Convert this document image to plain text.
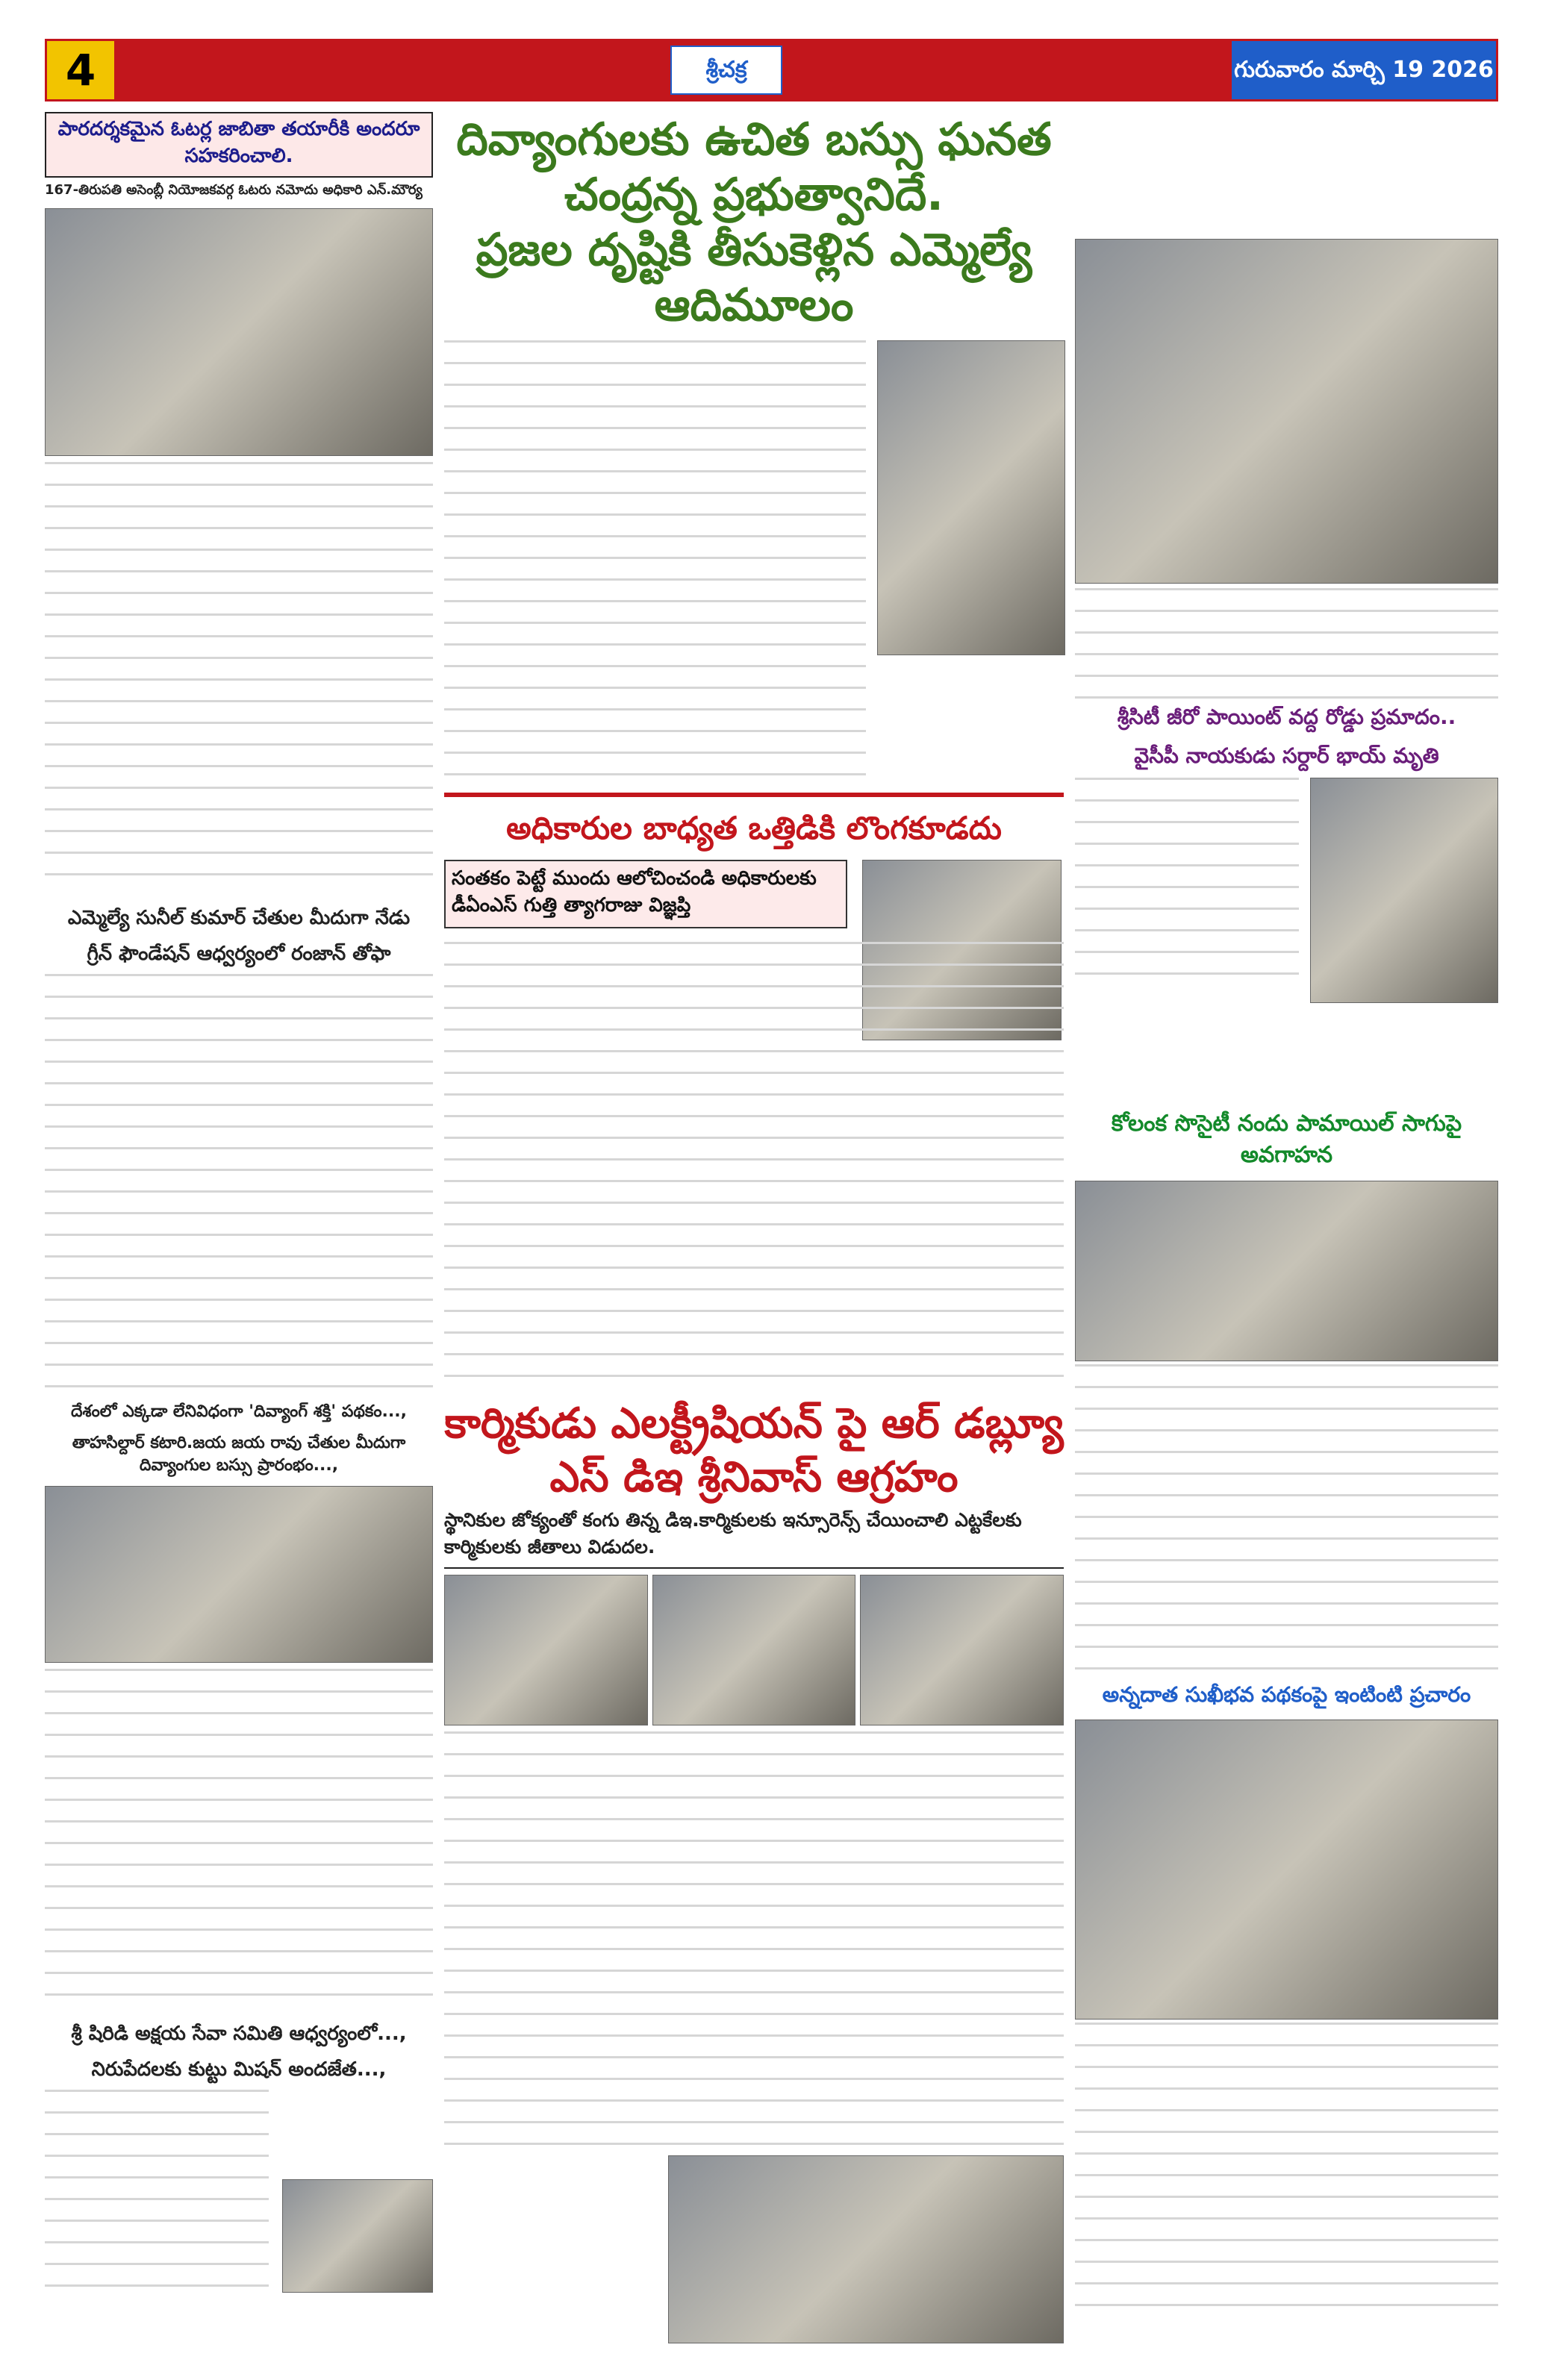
4	శ్రీచక్ర	గురువారం మార్చి 19 2026
పారదర్శకమైన ఓటర్ల జాబితా తయారీకి అందరూ సహకరించాలి.
167-తిరుపతి అసెంబ్లీ నియోజకవర్గ ఓటరు నమోదు అధికారి ఎన్.మౌర్య
ఎమ్మెల్యే సునీల్ కుమార్ చేతుల మీదుగా నేడు
గ్రీన్ ఫౌండేషన్ ఆధ్వర్యంలో రంజాన్ తోఫా
దేశంలో ఎక్కడా లేనివిధంగా 'దివ్యాంగ్ శక్తి' పథకం...,
తాహసిల్దార్ కటారి.జయ జయ రావు చేతుల మీదుగా దివ్యాంగుల బస్సు ప్రారంభం...,
శ్రీ షిరిడి అక్షయ సేవా సమితి ఆధ్వర్యంలో...,
నిరుపేదలకు కుట్టు మిషన్ అందజేత...,
దివ్యాంగులకు ఉచిత బస్సు ఘనత చంద్రన్న ప్రభుత్వానిదే.
ప్రజల దృష్టికి తీసుకెళ్లిన ఎమ్మెల్యే ఆదిమూలం
అధికారుల బాధ్యత ఒత్తిడికి లొంగకూడదు
సంతకం పెట్టే ముందు ఆలోచించండి అధికారులకు డీఏంఎస్ గుత్తి త్యాగరాజు విజ్ఞప్తి
కార్మికుడు ఎలక్ట్రీషియన్ పై ఆర్ డబ్ల్యూ
ఎస్ డిఇ శ్రీనివాస్ ఆగ్రహం
స్థానికుల జోక్యంతో కంగు తిన్న డిఇ.కార్మికులకు ఇన్సూరెన్స్ చేయించాలి ఎట్టకేలకు కార్మికులకు జీతాలు విడుదల.
శ్రీసిటీ జీరో పాయింట్ వద్ద రోడ్డు ప్రమాదం..
వైసీపీ నాయకుడు సర్దార్ భాయ్ మృతి
కోలంక సొసైటీ నందు పామాయిల్ సాగుపై అవగాహన
అన్నదాత సుఖీభవ పథకంపై ఇంటింటి ప్రచారం
